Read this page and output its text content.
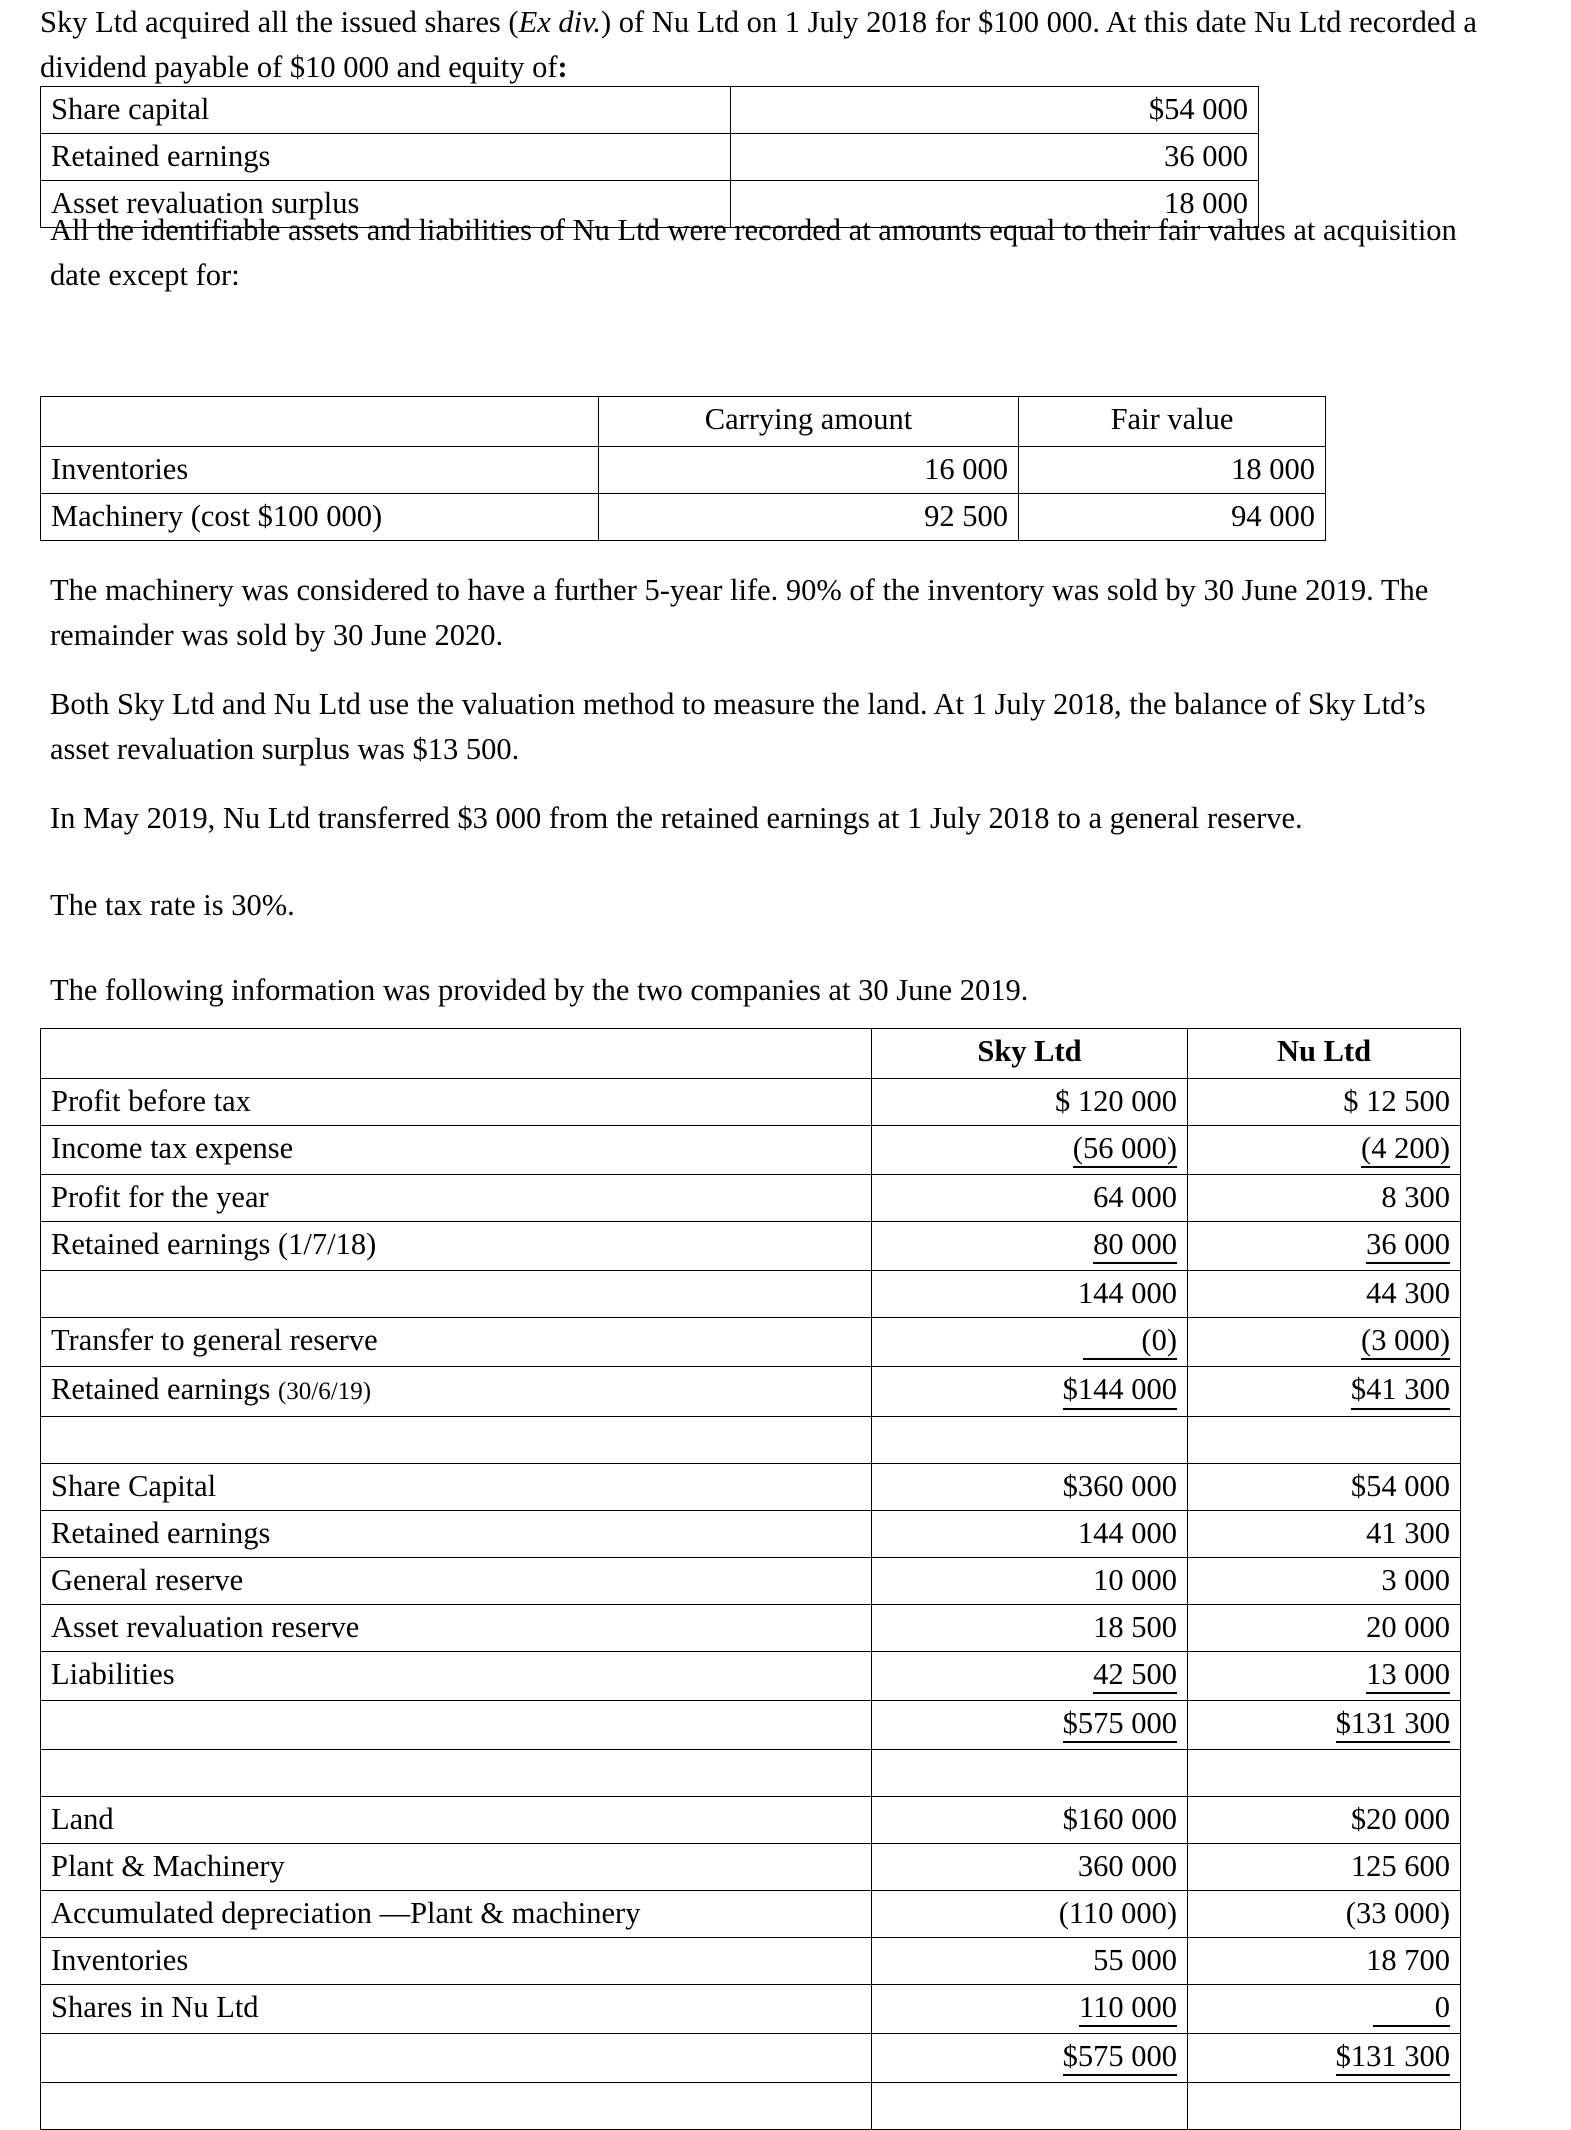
Sky Ltd acquired all the issued shares (Ex div.) of Nu Ltd on 1 July 2018 for $100 000. At this date Nu Ltd recorded a dividend payable of $10 000 and equity of:
Share capital	$54 000
Retained earnings	36 000
Asset revaluation surplus	18 000
All the identifiable assets and liabilities of Nu Ltd were recorded at amounts equal to their fair values at acquisition date except for:
	Carrying amount	Fair value
Inventories	16 000	18 000
Machinery (cost $100 000)	92 500	94 000
The machinery was considered to have a further 5-year life. 90% of the inventory was sold by 30 June 2019. The remainder was sold by 30 June 2020.
Both Sky Ltd and Nu Ltd use the valuation method to measure the land. At 1 July 2018, the balance of Sky Ltd’s asset revaluation surplus was $13 500.
In May 2019, Nu Ltd transferred $3 000 from the retained earnings at 1 July 2018 to a general reserve.
The tax rate is 30%.
The following information was provided by the two companies at 30 June 2019.
	Sky Ltd	Nu Ltd
Profit before tax	$ 120 000	$ 12 500
Income tax expense	(56 000)	(4 200)
Profit for the year	64 000	8 300
Retained earnings (1/7/18)	80 000	36 000
	144 000	44 300
Transfer to general reserve	(0)	(3 000)
Retained earnings (30/6/19)	$144 000	$41 300

Share Capital	$360 000	$54 000
Retained earnings	144 000	41 300
General reserve	10 000	3 000
Asset revaluation reserve	18 500	20 000
Liabilities	42 500	13 000
	$575 000	$131 300

Land	$160 000	$20 000
Plant & Machinery	360 000	125 600
Accumulated depreciation —Plant & machinery	(110 000)	(33 000)
Inventories	55 000	18 700
Shares in Nu Ltd	110 000	0
	$575 000	$131 300
